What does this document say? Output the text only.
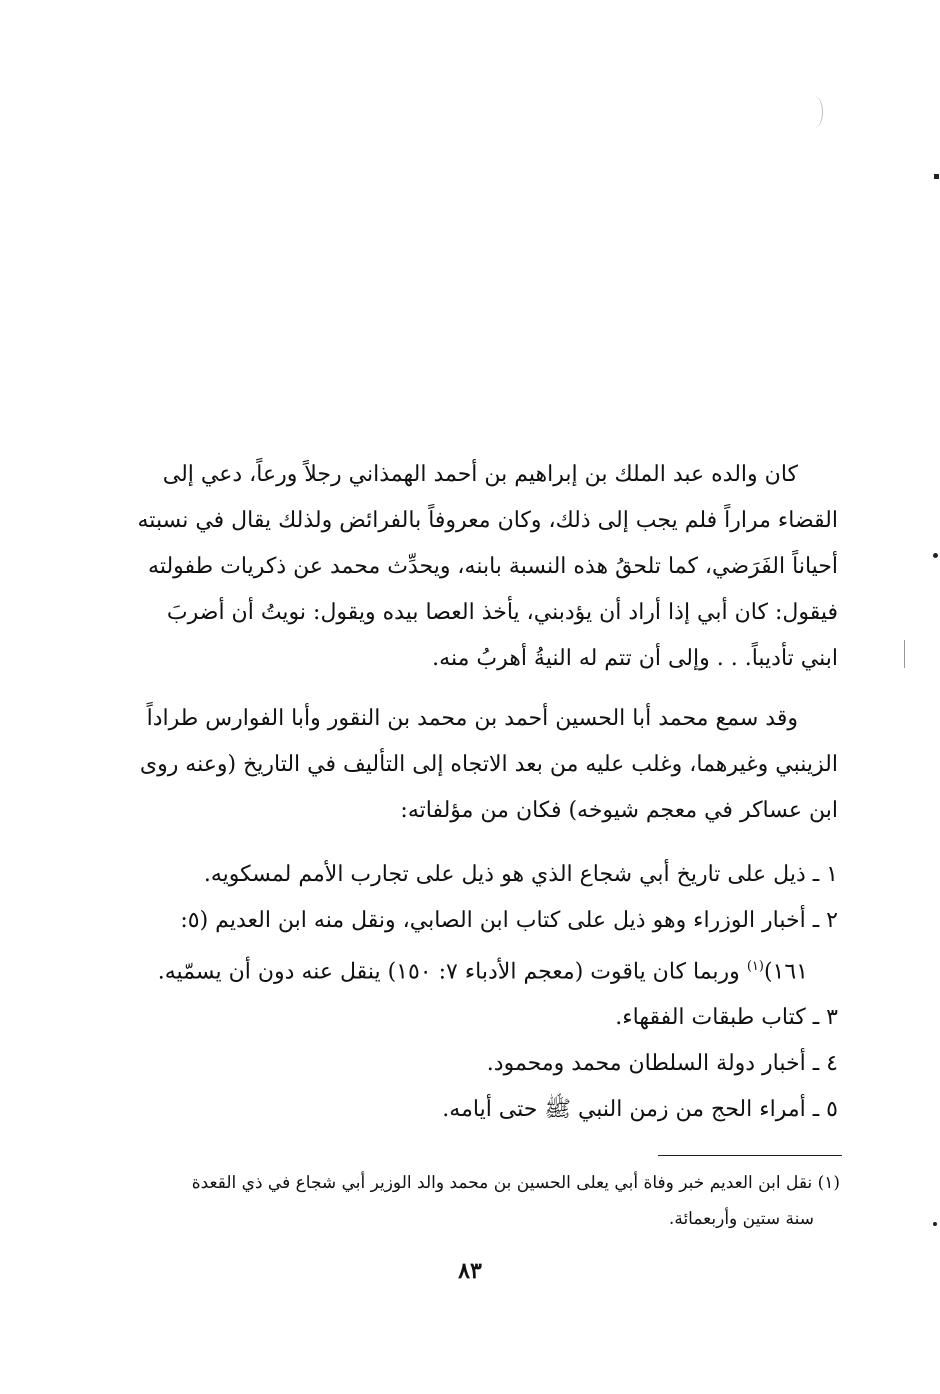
كان والده عبد الملك بن إبراهيم بن أحمد الهمذاني رجلاً ورعاً، دعي إلى
القضاء مراراً فلم يجب إلى ذلك، وكان معروفاً بالفرائض ولذلك يقال في نسبته
أحياناً الفَرَضي، كما تلحقُ هذه النسبة بابنه، ويحدِّث محمد عن ذكريات طفولته
فيقول: كان أبي إذا أراد أن يؤدبني، يأخذ العصا بيده ويقول: نويتُ أن أضربَ
ابني تأديباً. . . وإلى أن تتم له النيةُ أهربُ منه.
وقد سمع محمد أبا الحسين أحمد بن محمد بن النقور وأبا الفوارس طراداً
الزينبي وغيرهما، وغلب عليه من بعد الاتجاه إلى التأليف في التاريخ (وعنه روى
ابن عساكر في معجم شيوخه) فكان من مؤلفاته:
١ ـ ذيل على تاريخ أبي شجاع الذي هو ذيل على تجارب الأمم لمسكويه.
٢ ـ أخبار الوزراء وهو ذيل على كتاب ابن الصابي، ونقل منه ابن العديم (٥:
١٦١)$^{(١)}$ وربما كان ياقوت (معجم الأدباء ٧: ١٥٠) ينقل عنه دون أن يسمّيه.
٣ ـ كتاب طبقات الفقهاء.
٤ ـ أخبار دولة السلطان محمد ومحمود.
٥ ـ أمراء الحج من زمن النبي ﷺ حتى أيامه.
(١) نقل ابن العديم خبر وفاة أبي يعلى الحسين بن محمد والد الوزير أبي شجاع في ذي القعدة
سنة ستين وأربعمائة.
٨٣
